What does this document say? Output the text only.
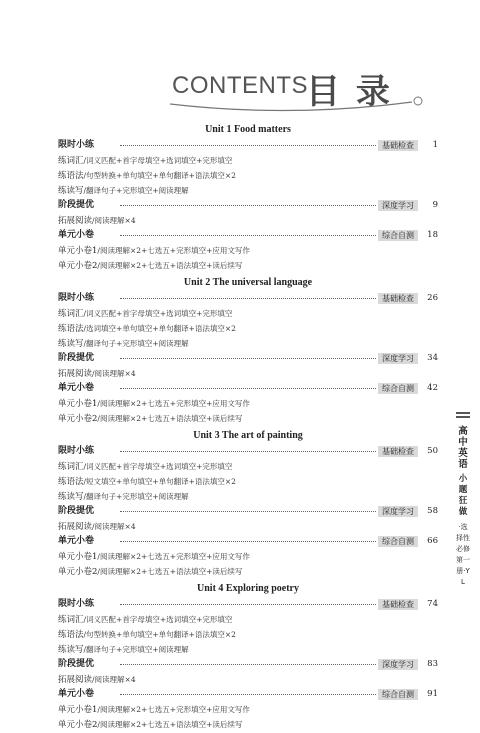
CONTENTS
目 录
Unit 1 Food matters
限时小练	基础检查	1
练词汇/词义匹配+首字母填空+选词填空+完形填空
练语法/句型转换+单句填空+单句翻译+语法填空×2
练读写/翻译句子+完形填空+阅读理解
阶段提优	深度学习	9
拓展阅读/阅读理解×4
单元小卷	综合自测	18
单元小卷1/阅读理解×2+七选五+完形填空+应用文写作
单元小卷2/阅读理解×2+七选五+语法填空+读后续写
Unit 2 The universal language
限时小练	基础检查	26
练词汇/词义匹配+首字母填空+选词填空+完形填空
练语法/选词填空+单句填空+单句翻译+语法填空×2
练读写/翻译句子+完形填空+阅读理解
阶段提优	深度学习	34
拓展阅读/阅读理解×4
单元小卷	综合自测	42
单元小卷1/阅读理解×2+七选五+完形填空+应用文写作
单元小卷2/阅读理解×2+七选五+语法填空+读后续写
Unit 3 The art of painting
限时小练	基础检查	50
练词汇/词义匹配+首字母填空+选词填空+完形填空
练语法/短文填空+单句填空+单句翻译+语法填空×2
练读写/翻译句子+完形填空+阅读理解
阶段提优	深度学习	58
拓展阅读/阅读理解×4
单元小卷	综合自测	66
单元小卷1/阅读理解×2+七选五+完形填空+应用文写作
单元小卷2/阅读理解×2+七选五+语法填空+读后续写
Unit 4 Exploring poetry
限时小练	基础检查	74
练词汇/词义匹配+首字母填空+选词填空+完形填空
练语法/句型转换+单句填空+单句翻译+语法填空×2
练读写/翻译句子+完形填空+阅读理解
阶段提优	深度学习	83
拓展阅读/阅读理解×4
单元小卷	综合自测	91
单元小卷1/阅读理解×2+七选五+完形填空+应用文写作
单元小卷2/阅读理解×2+七选五+语法填空+读后续写
高中英语
小题狂做
·选择性必修第一册·YL
